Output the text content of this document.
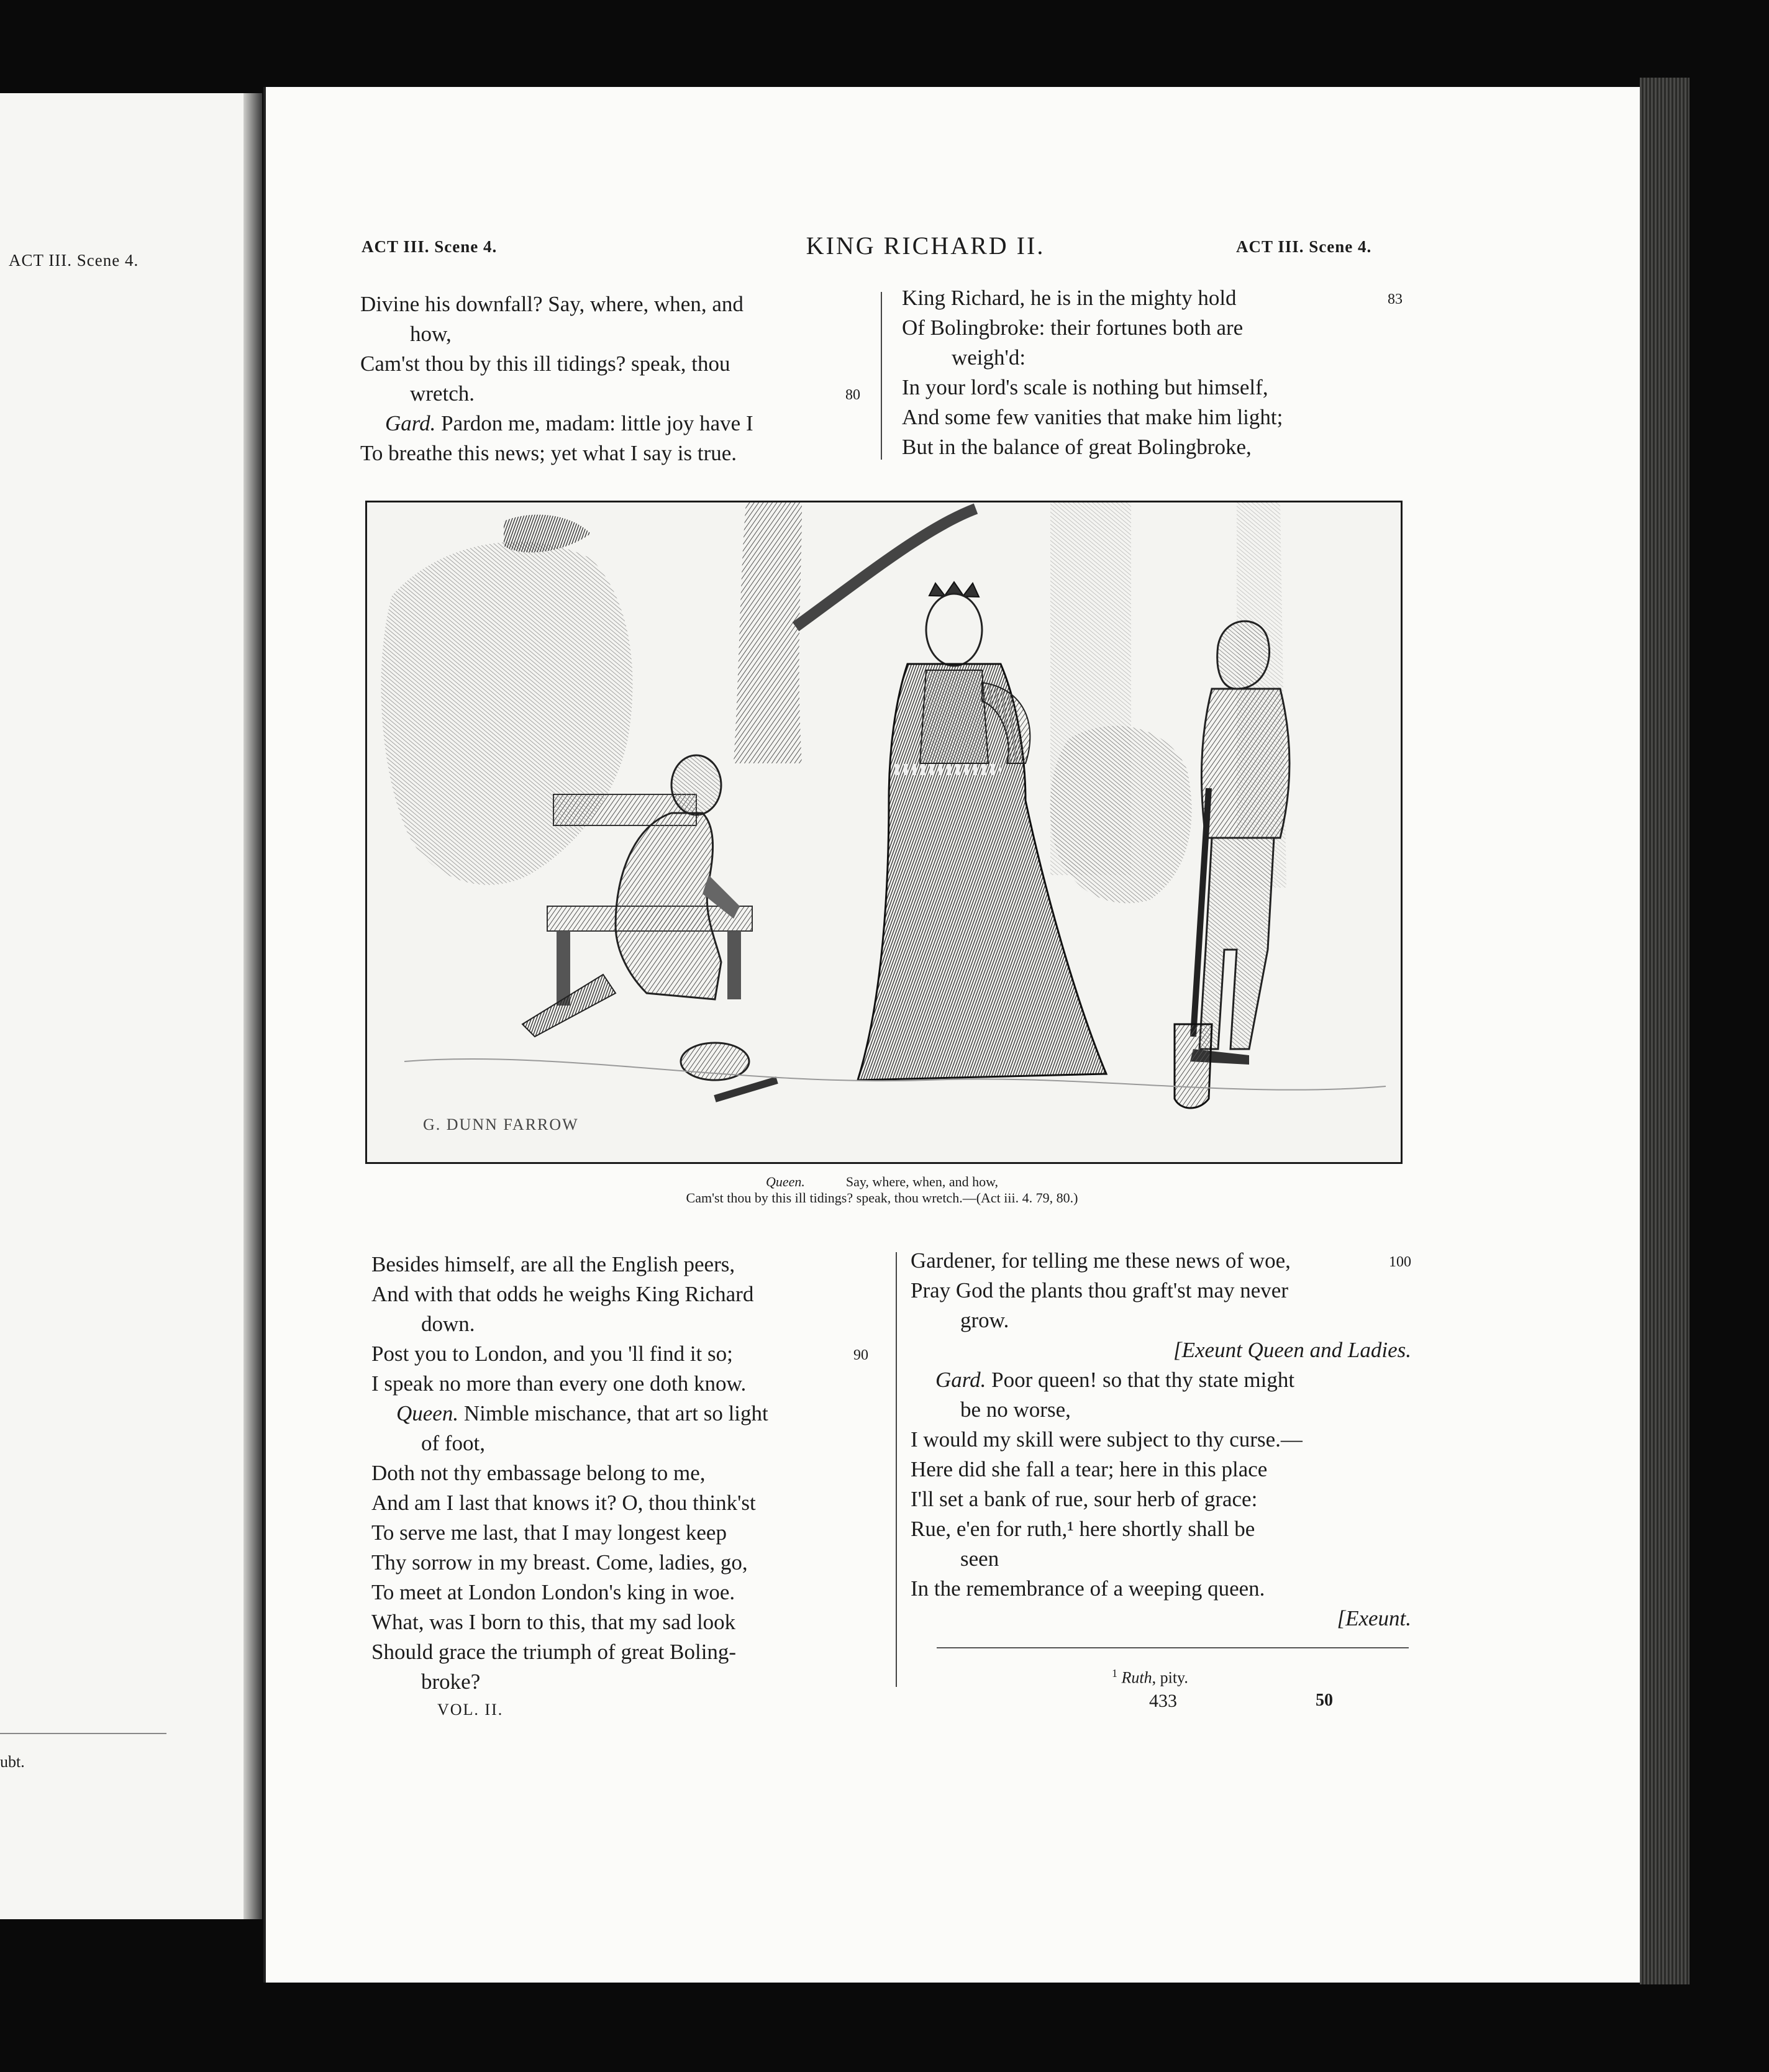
ACT III. Scene 4.
ubt.
ACT III. Scene 4.	KING RICHARD II.	ACT III. Scene 4.
Divine his downfall? Say, where, when, and
how,
Cam'st thou by this ill tidings? speak, thou
wretch.	80
Gard. Pardon me, madam: little joy have I
To breathe this news; yet what I say is true.
King Richard, he is in the mighty hold	83
Of Bolingbroke: their fortunes both are
weigh'd:
In your lord's scale is nothing but himself,
And some few vanities that make him light;
But in the balance of great Bolingbroke,
G. DUNN FARROW
Queen.	Say, where, when, and how,
Cam'st thou by this ill tidings? speak, thou wretch.—(Act iii. 4. 79, 80.)
Besides himself, are all the English peers,
And with that odds he weighs King Richard
down.
Post you to London, and you 'll find it so;	90
I speak no more than every one doth know.
Queen. Nimble mischance, that art so light
of foot,
Doth not thy embassage belong to me,
And am I last that knows it? O, thou think'st
To serve me last, that I may longest keep
Thy sorrow in my breast. Come, ladies, go,
To meet at London London's king in woe.
What, was I born to this, that my sad look
Should grace the triumph of great Boling-
broke?
VOL. II.
Gardener, for telling me these news of woe,	100
Pray God the plants thou graft'st may never
grow.
[Exeunt Queen and Ladies.
Gard. Poor queen! so that thy state might
be no worse,
I would my skill were subject to thy curse.—
Here did she fall a tear; here in this place
I'll set a bank of rue, sour herb of grace:
Rue, e'en for ruth,¹ here shortly shall be
seen
In the remembrance of a weeping queen.
[Exeunt.
$^1$ Ruth, pity.
433	50
